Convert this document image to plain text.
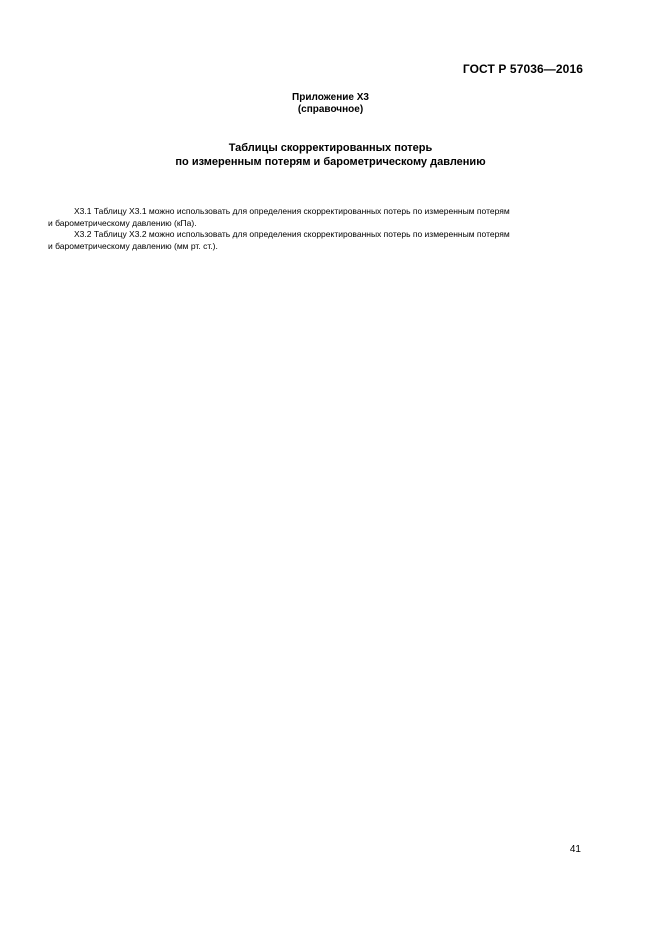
ГОСТ Р 57036—2016
Приложение Х3
(справочное)
Таблицы скорректированных потерь
по измеренным потерям и барометрическому давлению

Х3.1 Таблицу Х3.1 можно использовать для определения скорректированных потерь по измеренным потерям

и барометрическому давлению (кПа).

Х3.2 Таблицу Х3.2 можно использовать для определения скорректированных потерь по измеренным потерям

и барометрическому давлению (мм рт. ст.).

41
